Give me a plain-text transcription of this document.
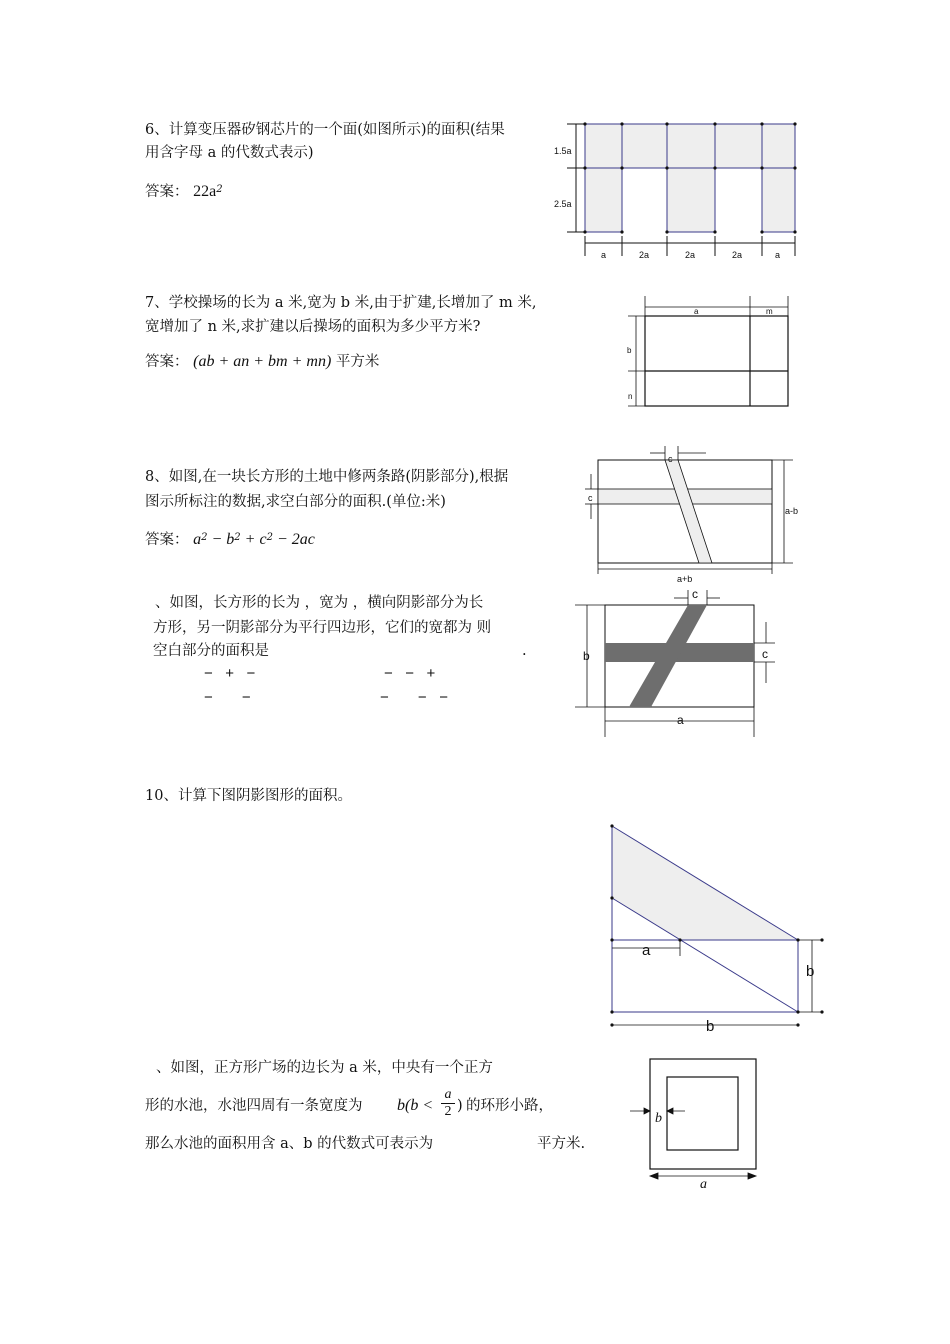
6、计算变压器矽钢芯片的一个面(如图所示)的面积(结果
用含字母 a 的代数式表示)
答案： $22a^2$
1.5a
2.5a
a	2a	2a	2a	a
7、学校操场的长为 a 米,宽为 b 米,由于扩建,长增加了 m 米,
宽增加了 n 米,求扩建以后操场的面积为多少平方米?
答案： (ab + an + bm + mn) 平方米
a	m
b
n
8、如图,在一块长方形的土地中修两条路(阴影部分),根据
图示所标注的数据,求空白部分的面积.(单位:米)
答案： $a^2 - b^2 + c^2 - 2ac$
c
c
a-b
a+b
、如图，长方形的长为 ，宽为 ，横向阴影部分为长
方形，另一阴影部分为平行四边形，它们的宽都为 则
空白部分的面积是	.
−   +   −	−   −   +
−       −	−       −   −
c
c
b
a
10、计算下图阴影图形的面积。
a
b
b
、如图，正方形广场的边长为 a 米，中央有一个正方
形的水池，水池四周有一条宽度为 $b(b < \frac{a}{2}$ ) 的环形小路，
那么水池的面积用含 a、b 的代数式可表示为	平方米.
b
a
